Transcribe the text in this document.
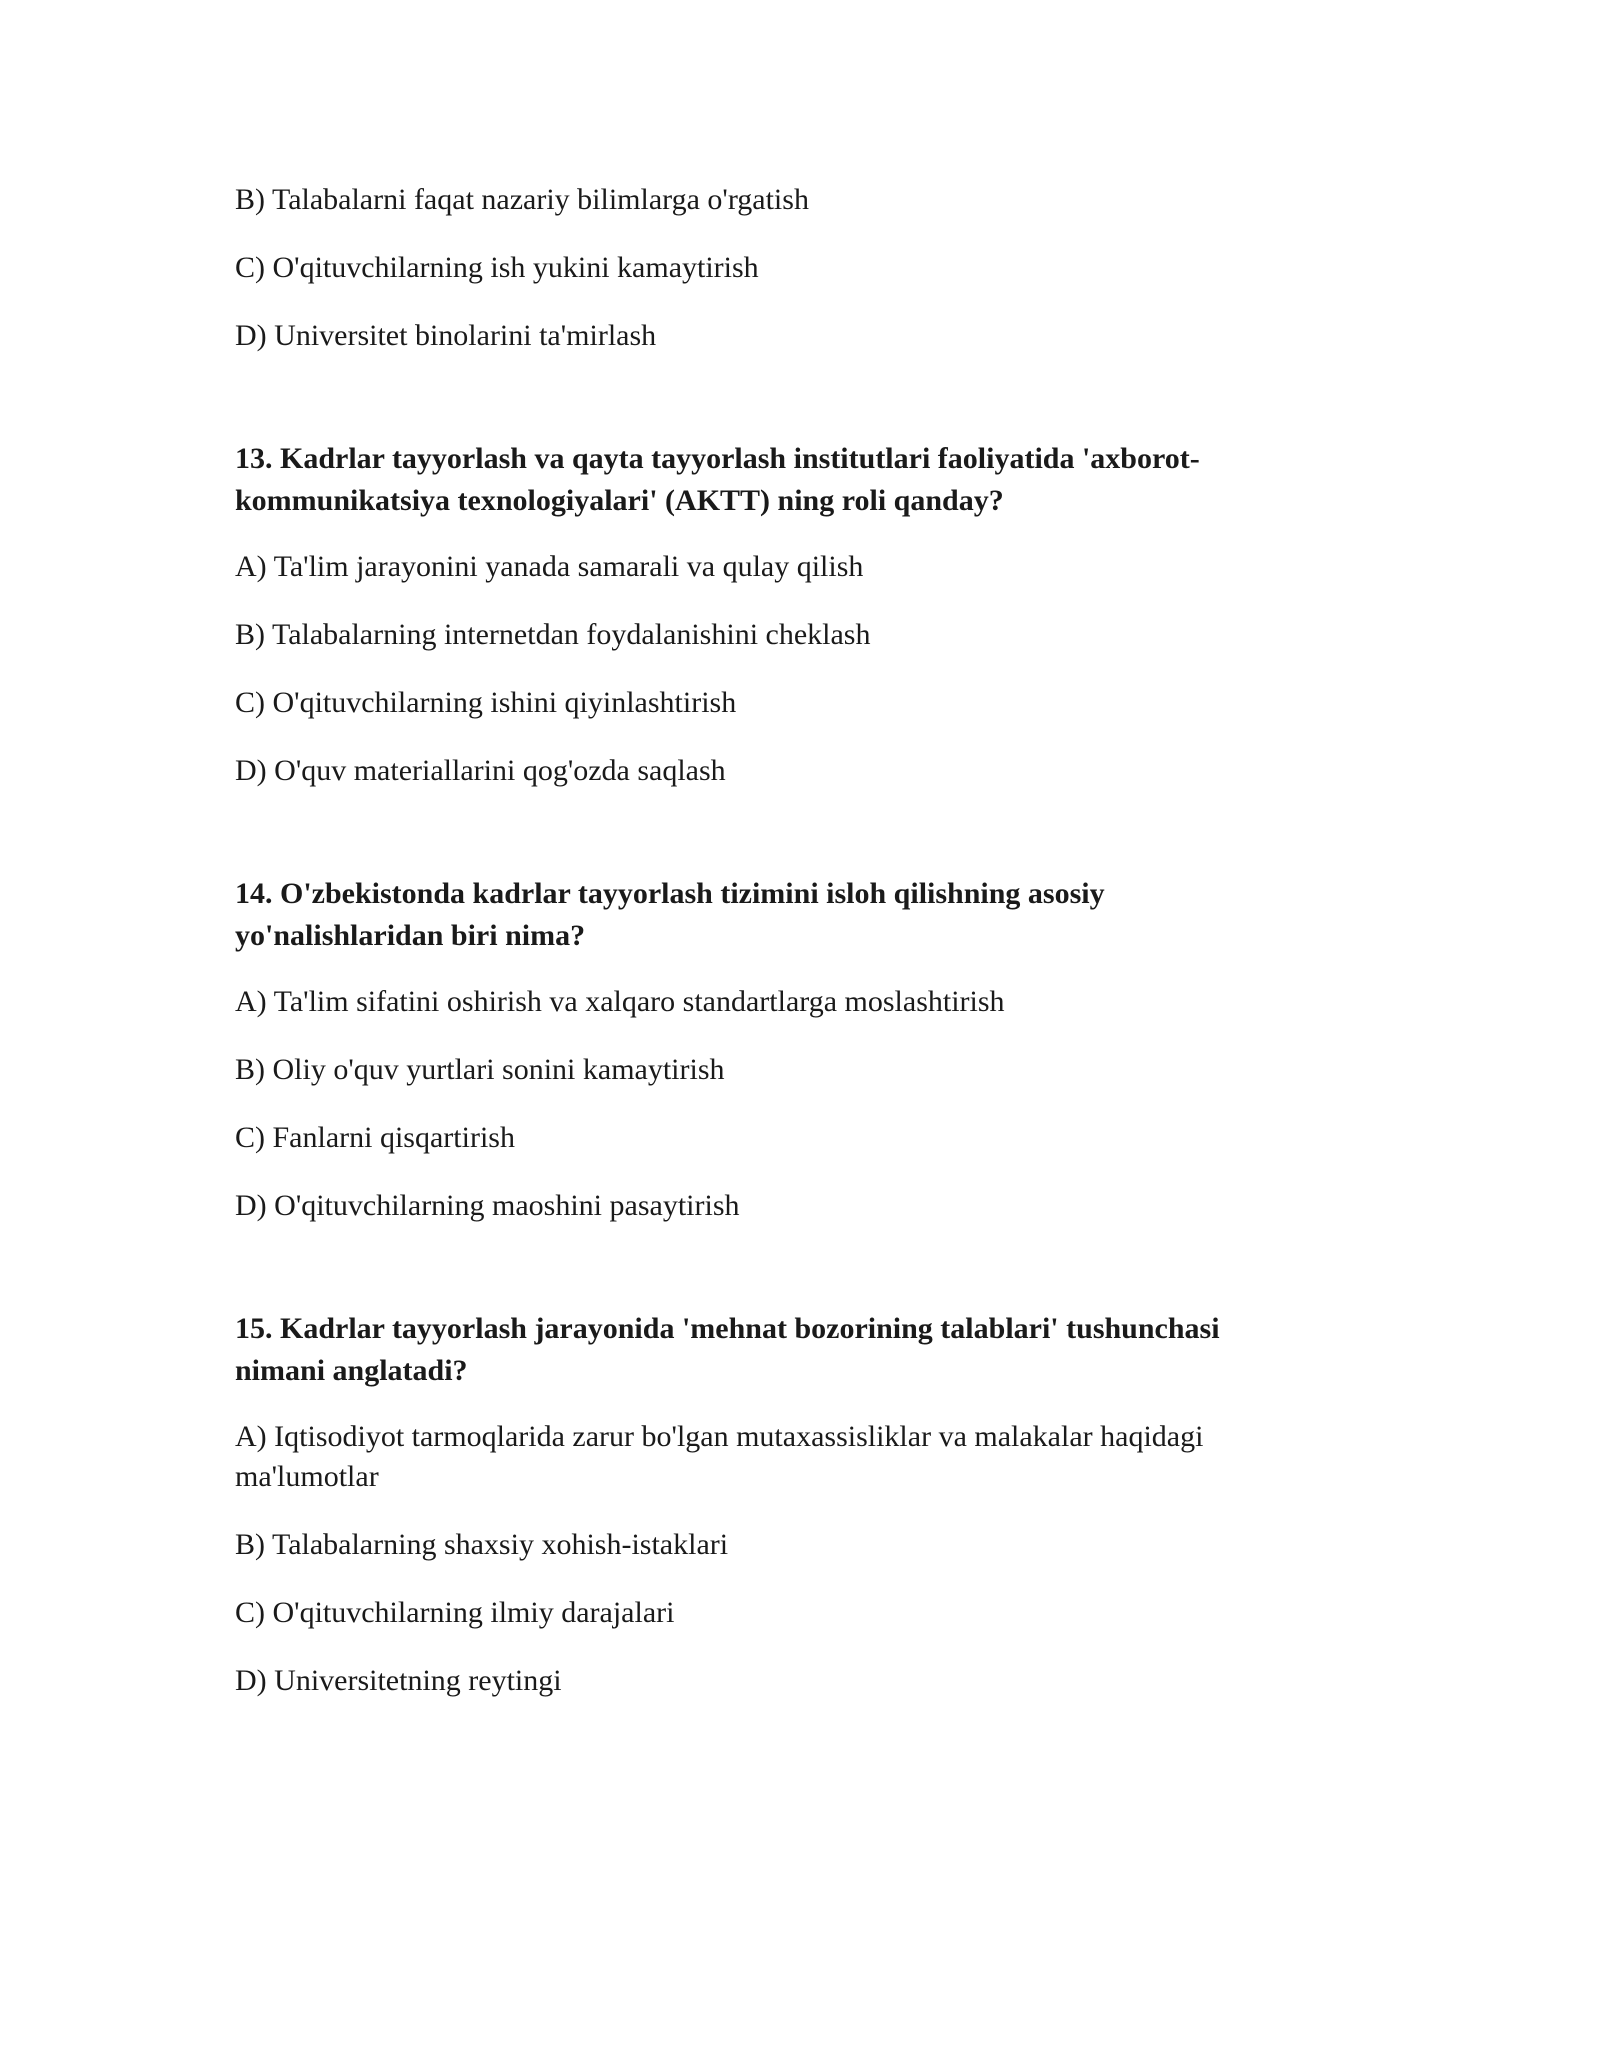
B) Talabalarni faqat nazariy bilimlarga o'rgatish

C) O'qituvchilarning ish yukini kamaytirish

D) Universitet binolarini ta'mirlash

13. Kadrlar tayyorlash va qayta tayyorlash institutlari faoliyatida 'axborot-kommunikatsiya texnologiyalari' (AKTT) ning roli qanday?

A) Ta'lim jarayonini yanada samarali va qulay qilish

B) Talabalarning internetdan foydalanishini cheklash

C) O'qituvchilarning ishini qiyinlashtirish

D) O'quv materiallarini qog'ozda saqlash

14. O'zbekistonda kadrlar tayyorlash tizimini isloh qilishning asosiy yo'nalishlaridan biri nima?

A) Ta'lim sifatini oshirish va xalqaro standartlarga moslashtirish

B) Oliy o'quv yurtlari sonini kamaytirish

C) Fanlarni qisqartirish

D) O'qituvchilarning maoshini pasaytirish

15. Kadrlar tayyorlash jarayonida 'mehnat bozorining talablari' tushunchasi nimani anglatadi?

A) Iqtisodiyot tarmoqlarida zarur bo'lgan mutaxassisliklar va malakalar haqidagi ma'lumotlar

B) Talabalarning shaxsiy xohish-istaklari

C) O'qituvchilarning ilmiy darajalari

D) Universitetning reytingi
